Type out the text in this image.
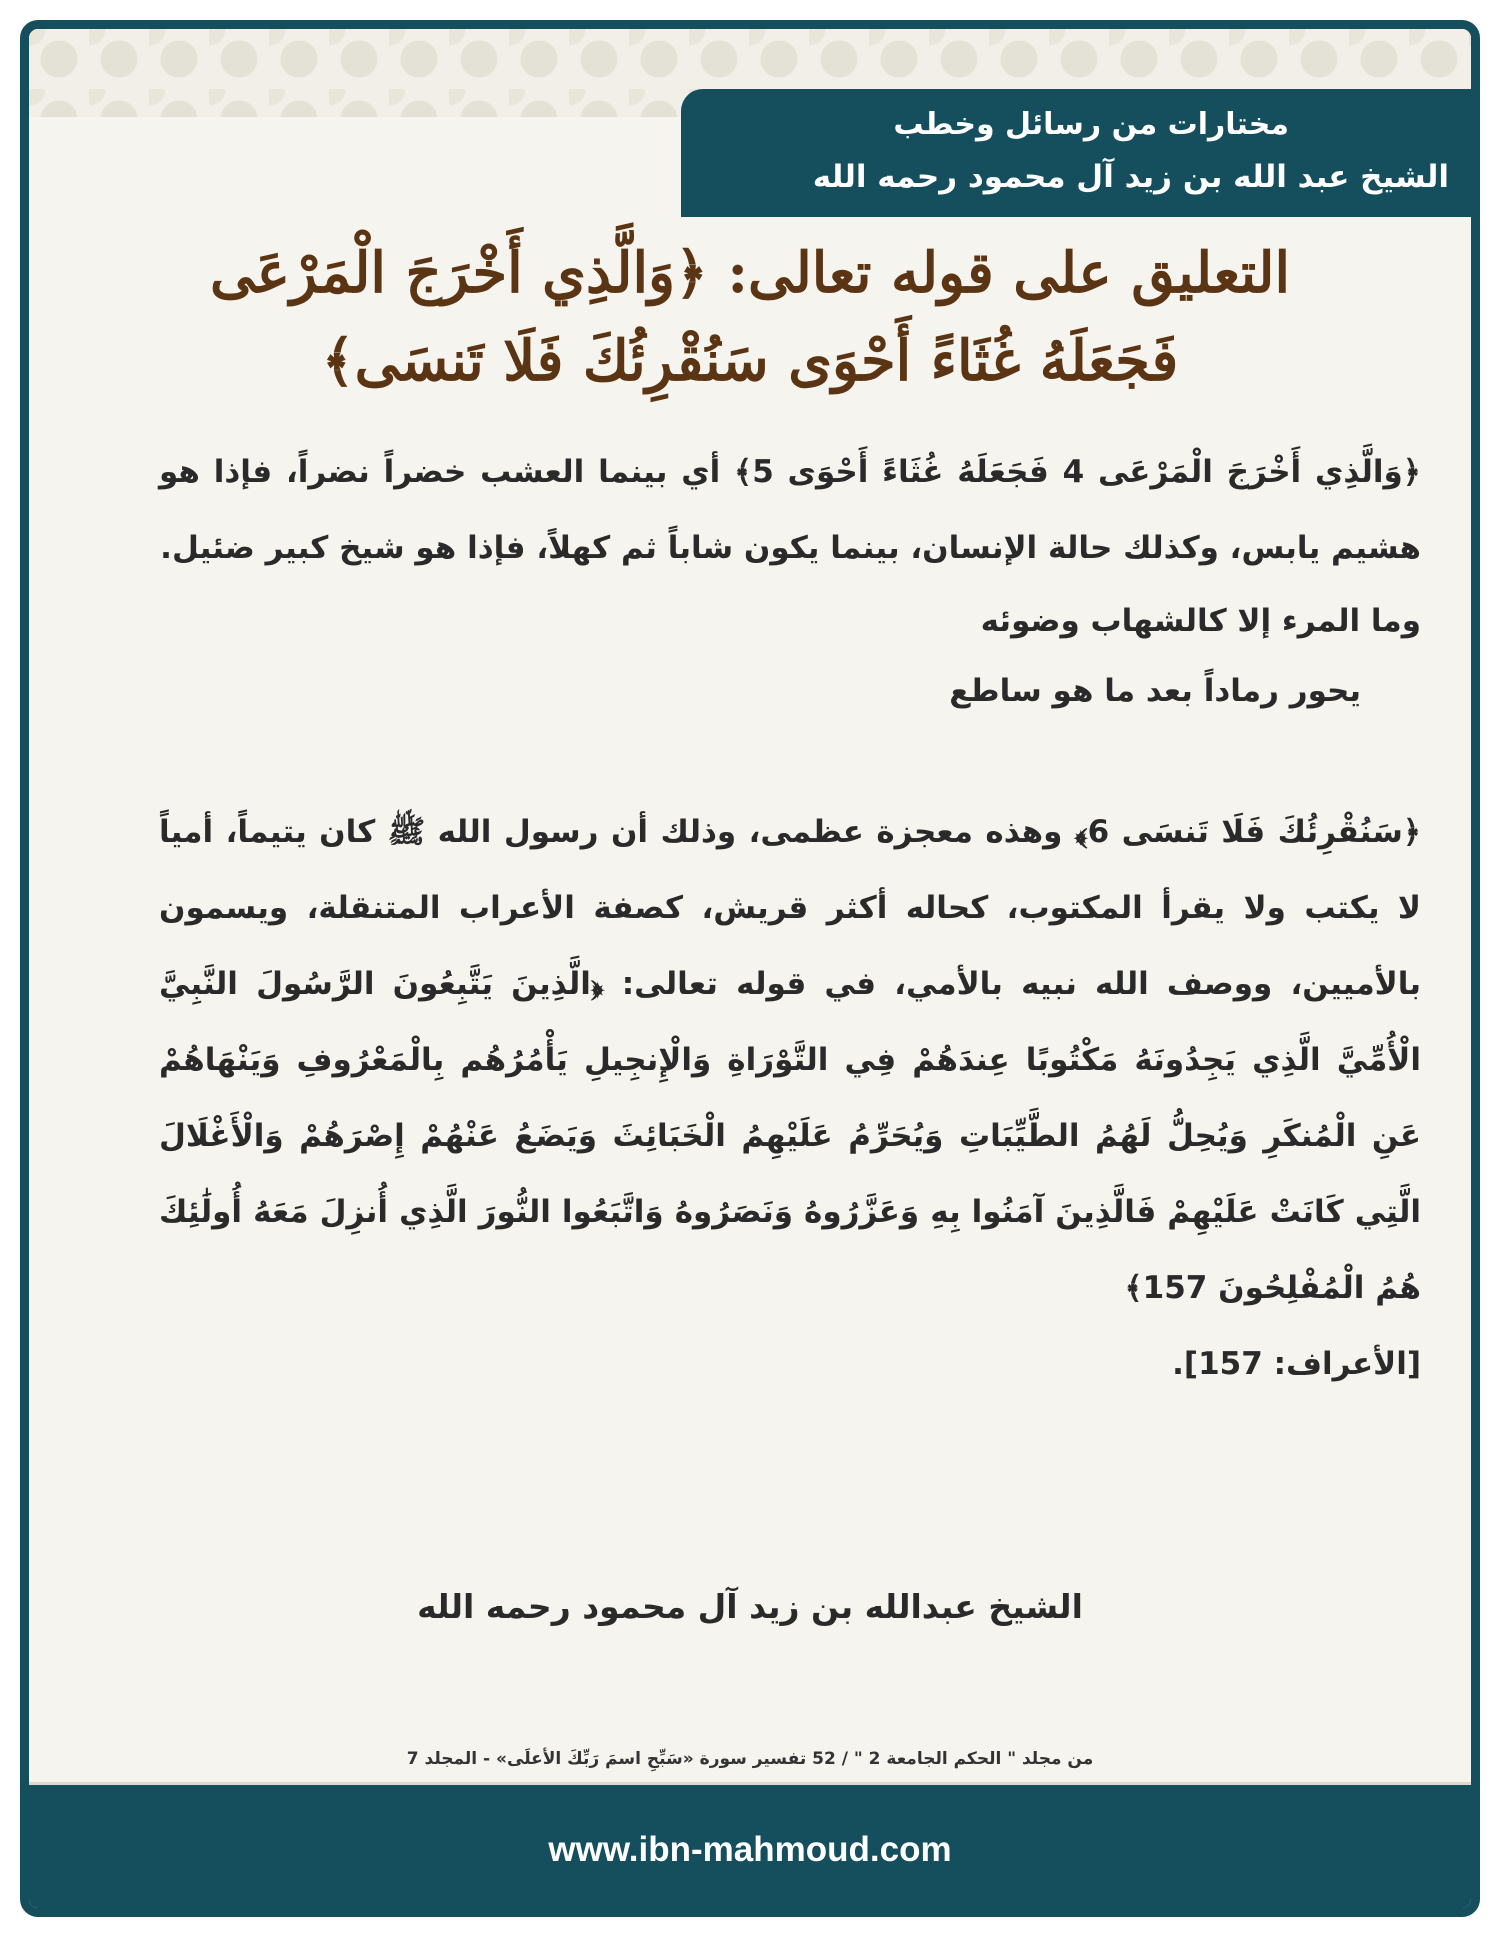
مختارات من رسائل وخطب
الشيخ عبد الله بن زيد آل محمود رحمه الله
التعليق على قوله تعالى: ﴿وَالَّذِي أَخْرَجَ الْمَرْعَى
فَجَعَلَهُ غُثَاءً أَحْوَى سَنُقْرِئُكَ فَلَا تَنسَى﴾

﴿وَالَّذِي أَخْرَجَ الْمَرْعَى 4 فَجَعَلَهُ غُثَاءً أَحْوَى 5﴾ أي بينما العشب خضراً نضراً، فإذا هو هشيم يابس، وكذلك حالة الإنسان، بينما يكون شاباً ثم كهلاً، فإذا هو شيخ كبير ضئيل.

وما المرء إلا كالشهاب وضوئه
يحور رماداً بعد ما هو ساطع

﴿سَنُقْرِئُكَ فَلَا تَنسَى 6﴾ وهذه معجزة عظمى، وذلك أن رسول الله ﷺ كان يتيماً، أمياً لا يكتب ولا يقرأ المكتوب، كحاله أكثر قريش، كصفة الأعراب المتنقلة، ويسمون بالأميين، ووصف الله نبيه بالأمي، في قوله تعالى: ﴿الَّذِينَ يَتَّبِعُونَ الرَّسُولَ النَّبِيَّ الْأُمِّيَّ الَّذِي يَجِدُونَهُ مَكْتُوبًا عِندَهُمْ فِي التَّوْرَاةِ وَالْإِنجِيلِ يَأْمُرُهُم بِالْمَعْرُوفِ وَيَنْهَاهُمْ عَنِ الْمُنكَرِ وَيُحِلُّ لَهُمُ الطَّيِّبَاتِ وَيُحَرِّمُ عَلَيْهِمُ الْخَبَائِثَ وَيَضَعُ عَنْهُمْ إِصْرَهُمْ وَالْأَغْلَالَ الَّتِي كَانَتْ عَلَيْهِمْ فَالَّذِينَ آمَنُوا بِهِ وَعَزَّرُوهُ وَنَصَرُوهُ وَاتَّبَعُوا النُّورَ الَّذِي أُنزِلَ مَعَهُ أُولَٰئِكَ هُمُ الْمُفْلِحُونَ 157﴾

[الأعراف: 157].

الشيخ عبدالله بن زيد آل محمود رحمه الله
من مجلد " الحكم الجامعة 2 " / 52 تفسير سورة «سَبِّحِ اسمَ رَبِّكَ الأعلَى» - المجلد 7
www.ibn-mahmoud.com
